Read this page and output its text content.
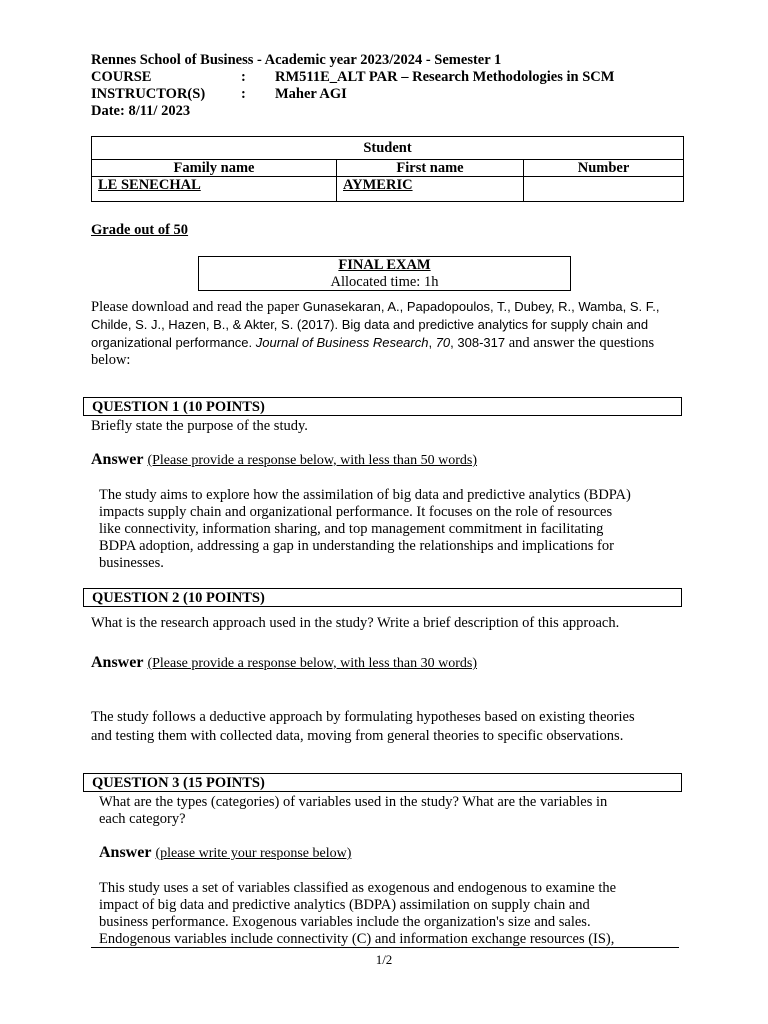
Rennes School of Business - Academic year 2023/2024 - Semester 1
COURSE	: RM511E_ALT PAR – Research Methodologies in SCM
INSTRUCTOR(S) : Maher AGI
Date: 8/11/ 2023
Student		
Family name	First name	Number
LE SENECHAL	AYMERIC	
Grade out of 50
FINAL EXAM
Allocated time: 1h
Please download and read the paper Gunasekaran, A., Papadopoulos, T., Dubey, R., Wamba, S. F.,
Childe, S. J., Hazen, B., & Akter, S. (2017). Big data and predictive analytics for supply chain and
organizational performance. Journal of Business Research, 70, 308-317 and answer the questions
below:
QUESTION 1 (10 POINTS)
Briefly state the purpose of the study.
Answer (Please provide a response below, with less than 50 words)
The study aims to explore how the assimilation of big data and predictive analytics (BDPA)
impacts supply chain and organizational performance. It focuses on the role of resources
like connectivity, information sharing, and top management commitment in facilitating
BDPA adoption, addressing a gap in understanding the relationships and implications for
businesses.
QUESTION 2 (10 POINTS)
What is the research approach used in the study? Write a brief description of this approach.
Answer (Please provide a response below, with less than 30 words)
The study follows a deductive approach by formulating hypotheses based on existing theories
and testing them with collected data, moving from general theories to specific observations.
QUESTION 3 (15 POINTS)
What are the types (categories) of variables used in the study? What are the variables in
each category?
Answer (please write your response below)
This study uses a set of variables classified as exogenous and endogenous to examine the
impact of big data and predictive analytics (BDPA) assimilation on supply chain and
business performance. Exogenous variables include the organization's size and sales.
Endogenous variables include connectivity (C) and information exchange resources (IS),
1/2
